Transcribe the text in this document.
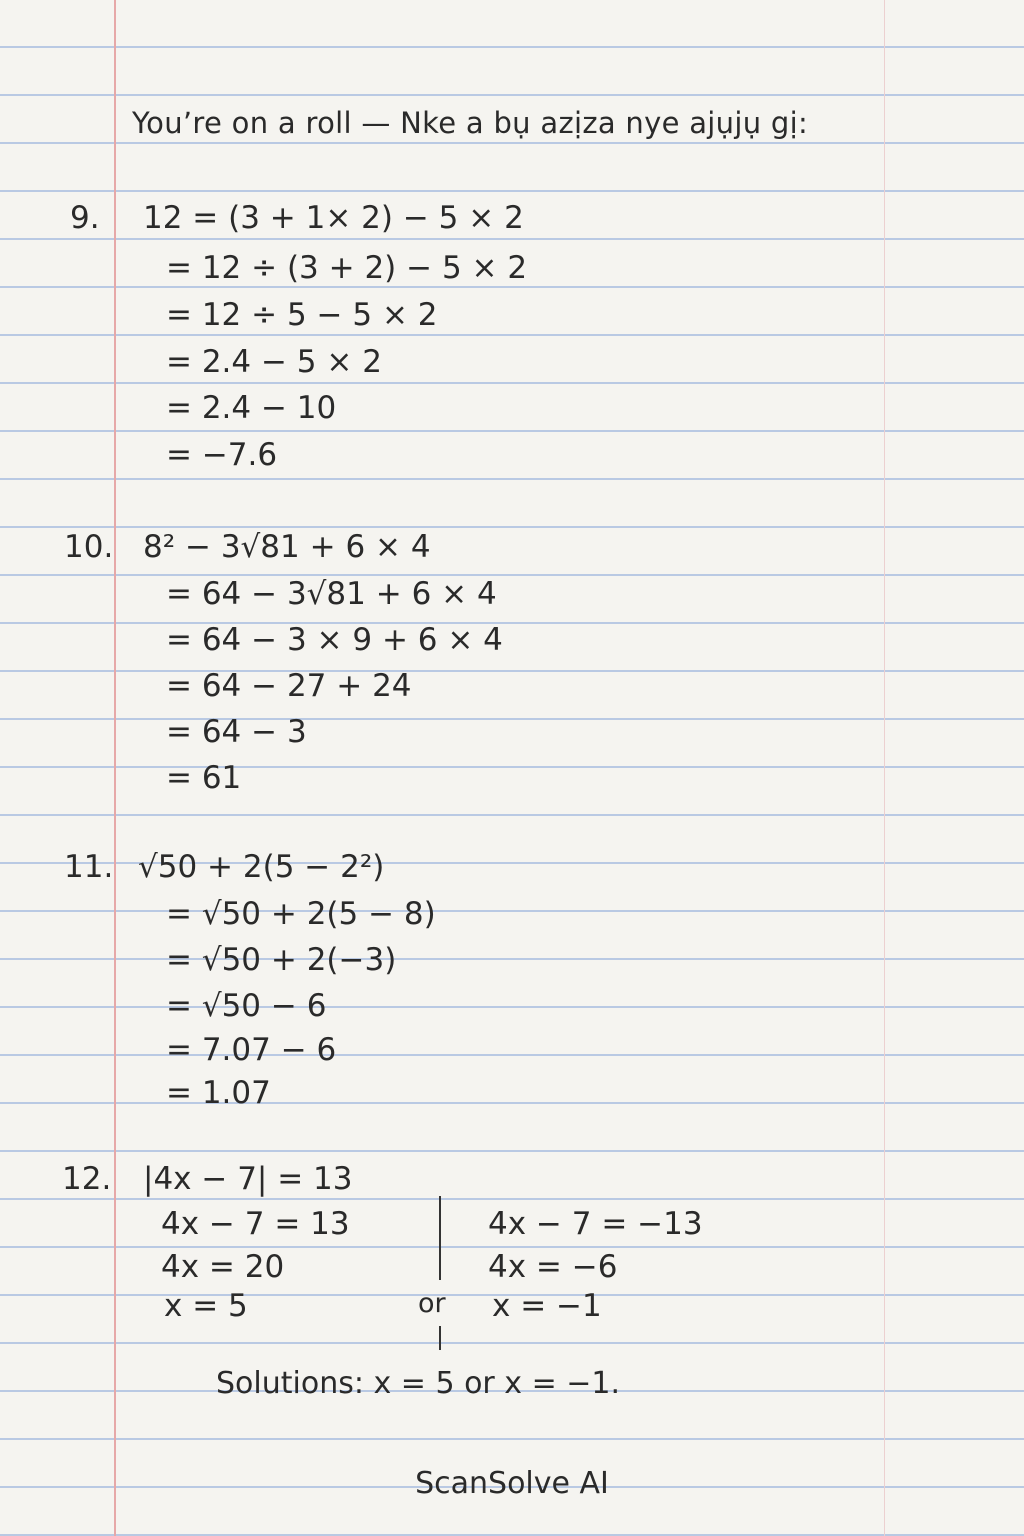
You’re on a roll — Nke a bụ azịza nye ajụjụ gị:
9. 12 = (3 + 1× 2) − 5 × 2
= 12 ÷ (3 + 2) − 5 × 2
= 12 ÷ 5 − 5 × 2
= 2.4 − 5 × 2
= 2.4 − 10
= −7.6
10. 8² − 3√81 + 6 × 4
= 64 − 3√81 + 6 × 4
= 64 − 3 × 9 + 6 × 4
= 64 − 27 + 24
= 64 − 3
= 61
11. √50 + 2(5 − 2²)
= √50 + 2(5 − 8)
= √50 + 2(−3)
= √50 − 6
= 7.07 − 6
= 1.07
12. |4x − 7| = 13
4x − 7 = 13
4x = 20
x = 5	or
4x − 7 = −13
4x = −6
x = −1
Solutions: x = 5 or x = −1.
ScanSolve AI
